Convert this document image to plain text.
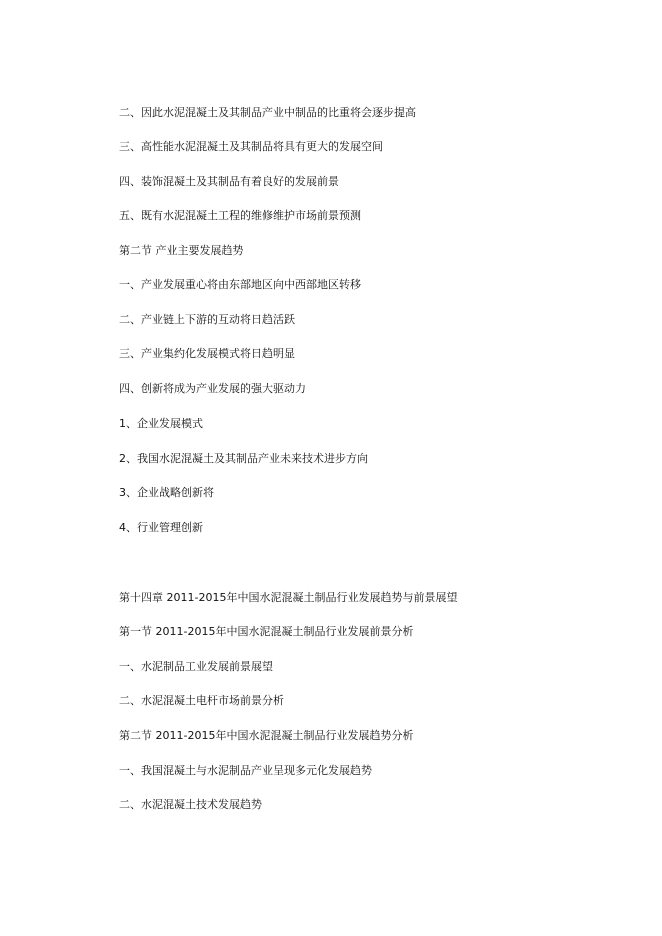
二、因此水泥混凝土及其制品产业中制品的比重将会逐步提高
三、高性能水泥混凝土及其制品将具有更大的发展空间
四、装饰混凝土及其制品有着良好的发展前景
五、既有水泥混凝土工程的维修维护市场前景预测
第二节 产业主要发展趋势
一、产业发展重心将由东部地区向中西部地区转移
二、产业链上下游的互动将日趋活跃
三、产业集约化发展模式将日趋明显
四、创新将成为产业发展的强大驱动力
1、企业发展模式
2、我国水泥混凝土及其制品产业未来技术进步方向
3、企业战略创新将
4、行业管理创新
第十四章 2011-2015年中国水泥混凝土制品行业发展趋势与前景展望
第一节 2011-2015年中国水泥混凝土制品行业发展前景分析
一、水泥制品工业发展前景展望
二、水泥混凝土电杆市场前景分析
第二节 2011-2015年中国水泥混凝土制品行业发展趋势分析
一、我国混凝土与水泥制品产业呈现多元化发展趋势
二、水泥混凝土技术发展趋势
